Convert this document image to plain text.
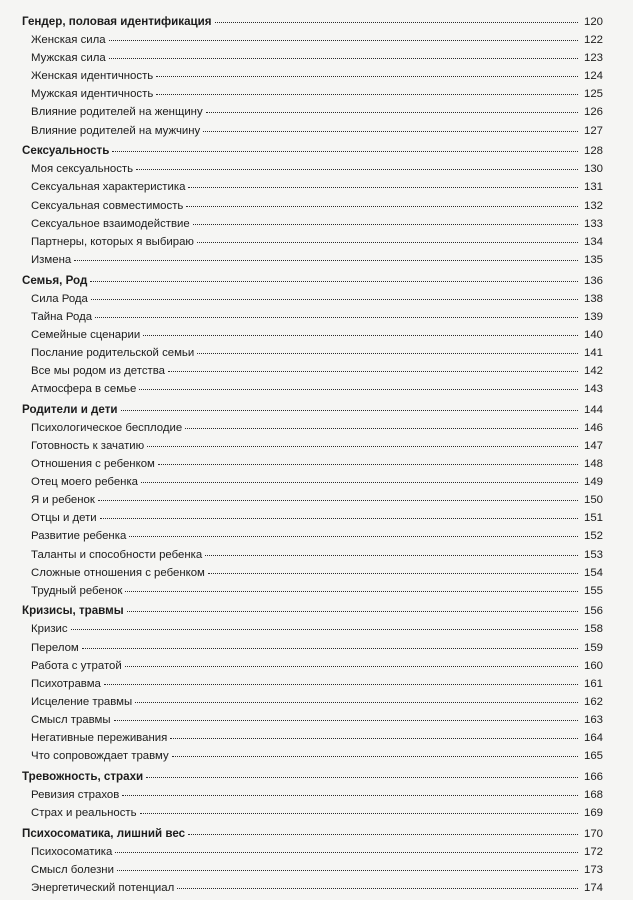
Гендер, половая идентификация	120
Женская сила	122
Мужская сила	123
Женская идентичность	124
Мужская идентичность	125
Влияние родителей на женщину	126
Влияние родителей на мужчину	127
Сексуальность	128
Моя сексуальность	130
Сексуальная характеристика	131
Сексуальная совместимость	132
Сексуальное взаимодействие	133
Партнеры, которых я выбираю	134
Измена	135
Семья, Род	136
Сила Рода	138
Тайна Рода	139
Семейные сценарии	140
Послание родительской семьи	141
Все мы родом из детства	142
Атмосфера в семье	143
Родители и дети	144
Психологическое бесплодие	146
Готовность к зачатию	147
Отношения с ребенком	148
Отец моего ребенка	149
Я и ребенок	150
Отцы и дети	151
Развитие ребенка	152
Таланты и способности ребенка	153
Сложные отношения с ребенком	154
Трудный ребенок	155
Кризисы, травмы	156
Кризис	158
Перелом	159
Работа с утратой	160
Психотравма	161
Исцеление травмы	162
Смысл травмы	163
Негативные переживания	164
Что сопровождает травму	165
Тревожность, страхи	166
Ревизия страхов	168
Страх и реальность	169
Психосоматика, лишний вес	170
Психосоматика	172
Смысл болезни	173
Энергетический потенциал	174
